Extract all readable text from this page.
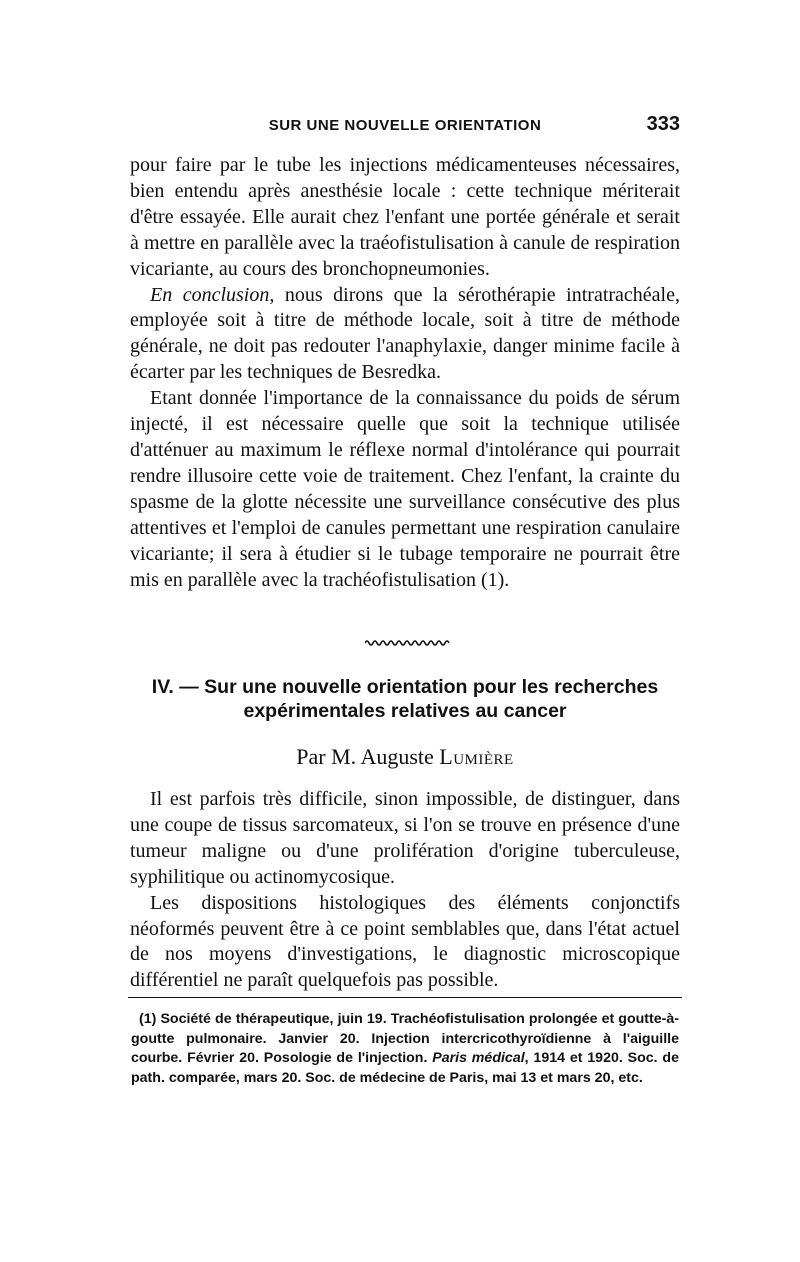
SUR UNE NOUVELLE ORIENTATION	333

pour faire par le tube les injections médicamenteuses nécessaires, bien entendu après anesthésie locale : cette technique mériterait d'être essayée. Elle aurait chez l'enfant une portée générale et serait à mettre en parallèle avec la traéofistulisation à canule de respiration vicariante, au cours des bronchopneumonies.

En conclusion, nous dirons que la sérothérapie intratrachéale, employée soit à titre de méthode locale, soit à titre de méthode générale, ne doit pas redouter l'anaphylaxie, danger minime facile à écarter par les techniques de Besredka.

Etant donnée l'importance de la connaissance du poids de sérum injecté, il est nécessaire quelle que soit la technique utilisée d'atténuer au maximum le réflexe normal d'intolérance qui pourrait rendre illusoire cette voie de traitement. Chez l'enfant, la crainte du spasme de la glotte nécessite une surveillance consécutive des plus attentives et l'emploi de canules permettant une respiration canulaire vicariante; il sera à étudier si le tubage temporaire ne pourrait être mis en parallèle avec la trachéofistulisation (1).

IV. — Sur une nouvelle orientation pour les recherches
expérimentales relatives au cancer
Par M. Auguste Lumière

Il est parfois très difficile, sinon impossible, de distinguer, dans une coupe de tissus sarcomateux, si l'on se trouve en présence d'une tumeur maligne ou d'une prolifération d'origine tuberculeuse, syphilitique ou actinomycosique.

Les dispositions histologiques des éléments conjonctifs néoformés peuvent être à ce point semblables que, dans l'état actuel de nos moyens d'investigations, le diagnostic microscopique différentiel ne paraît quelquefois pas possible.

(1) Société de thérapeutique, juin 19. Trachéofistulisation prolongée et goutte-à-goutte pulmonaire. Janvier 20. Injection intercricothyroïdienne à l'aiguille courbe. Février 20. Posologie de l'injection. Paris médical, 1914 et 1920. Soc. de path. comparée, mars 20. Soc. de médecine de Paris, mai 13 et mars 20, etc.
